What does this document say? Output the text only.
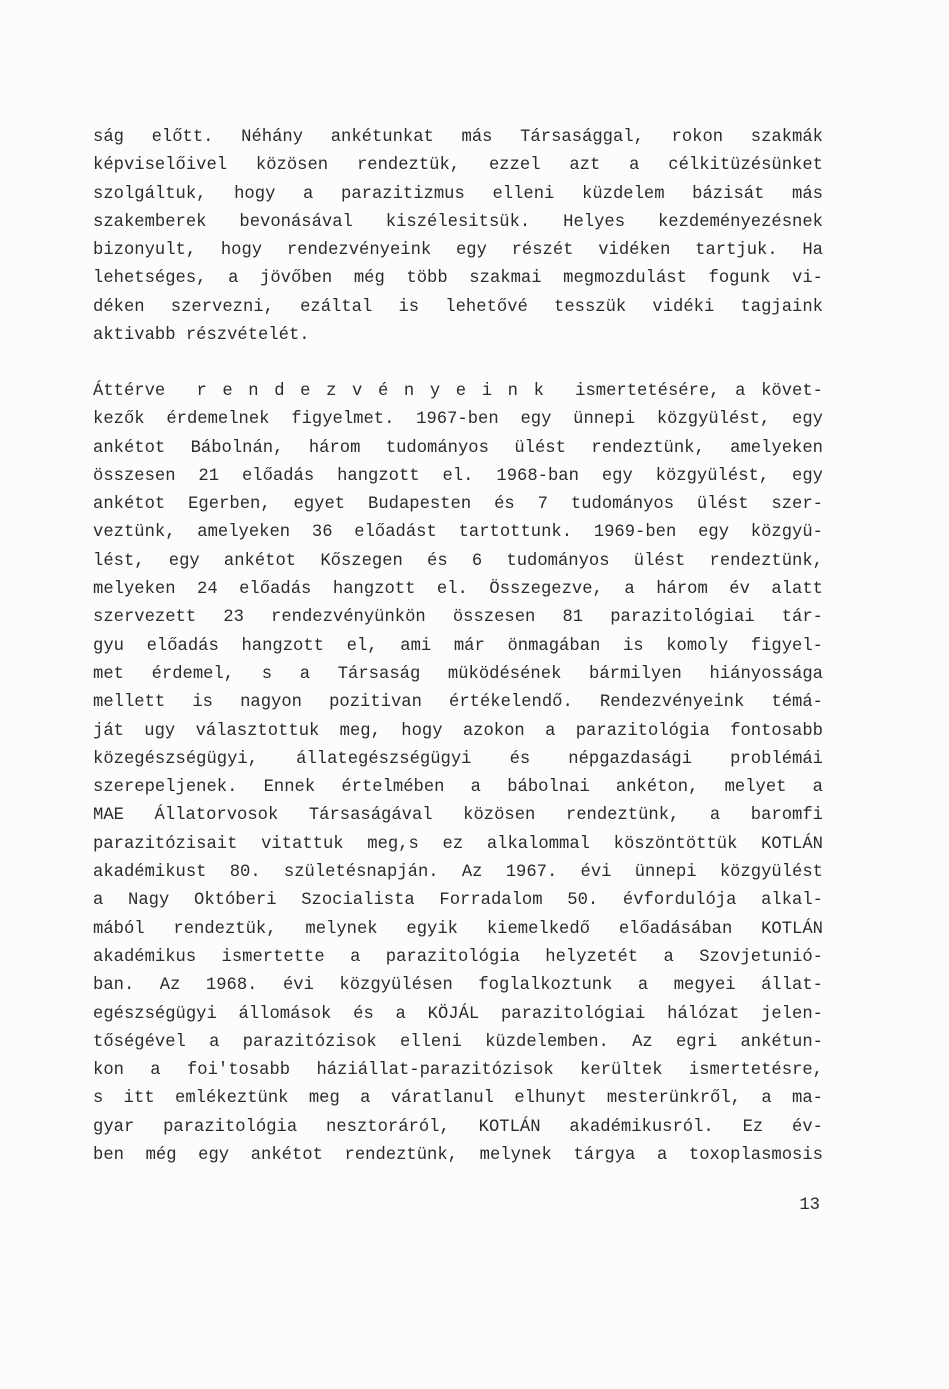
ság előtt. Néhány ankétunkat más Társasággal, rokon szakmák
képviselőivel közösen rendeztük, ezzel azt a célkitüzésünket
szolgáltuk, hogy a parazitizmus elleni küzdelem bázisát más
szakemberek bevonásával kiszélesitsük. Helyes kezdeményezésnek
bizonyult, hogy rendezvényeink egy részét vidéken tartjuk. Ha
lehetséges, a jövőben még több szakmai megmozdulást fogunk vi-
déken szervezni, ezáltal is lehetővé tesszük vidéki tagjaink
aktivabb részvételét.
Áttérve  r e n d e z v é n y e i n k  ismertetésére, a követ-
kezők érdemelnek figyelmet. 1967-ben egy ünnepi közgyülést, egy
ankétot Bábolnán, három tudományos ülést rendeztünk, amelyeken
összesen 21 előadás hangzott el. 1968-ban egy közgyülést, egy
ankétot Egerben, egyet Budapesten és 7 tudományos ülést szer-
veztünk, amelyeken 36 előadást tartottunk. 1969-ben egy közgyü-
lést, egy ankétot Kőszegen és 6 tudományos ülést rendeztünk,
melyeken 24 előadás hangzott el. Összegezve, a három év alatt
szervezett 23 rendezvényünkön összesen 81 parazitológiai tár-
gyu előadás hangzott el, ami már önmagában is komoly figyel-
met érdemel, s a Társaság müködésének bármilyen hiányossága
mellett is nagyon pozitivan értékelendő. Rendezvényeink témá-
ját ugy választottuk meg, hogy azokon a parazitológia fontosabb
közegészségügyi, állategészségügyi és népgazdasági problémái
szerepeljenek. Ennek értelmében a bábolnai ankéton, melyet a
MAE Állatorvosok Társaságával közösen rendeztünk, a baromfi
parazitózisait vitattuk meg,s ez alkalommal köszöntöttük KOTLÁN
akadémikust 80. születésnapján. Az 1967. évi ünnepi közgyülést
a Nagy Októberi Szocialista Forradalom 50. évfordulója alkal-
mából rendeztük, melynek egyik kiemelkedő előadásában KOTLÁN
akadémikus ismertette a parazitológia helyzetét a Szovjetunió-
ban. Az 1968. évi közgyülésen foglalkoztunk a megyei állat-
egészségügyi állomások és a KÖJÁL parazitológiai hálózat jelen-
tőségével a parazitózisok elleni küzdelemben. Az egri ankétun-
kon a foi'tosabb háziállat-parazitózisok kerültek ismertetésre,
s itt emlékeztünk meg a váratlanul elhunyt mesterünkről, a ma-
gyar parazitológia nesztoráról, KOTLÁN akadémikusról. Ez év-
ben még egy ankétot rendeztünk, melynek tárgya a toxoplasmosis
13
